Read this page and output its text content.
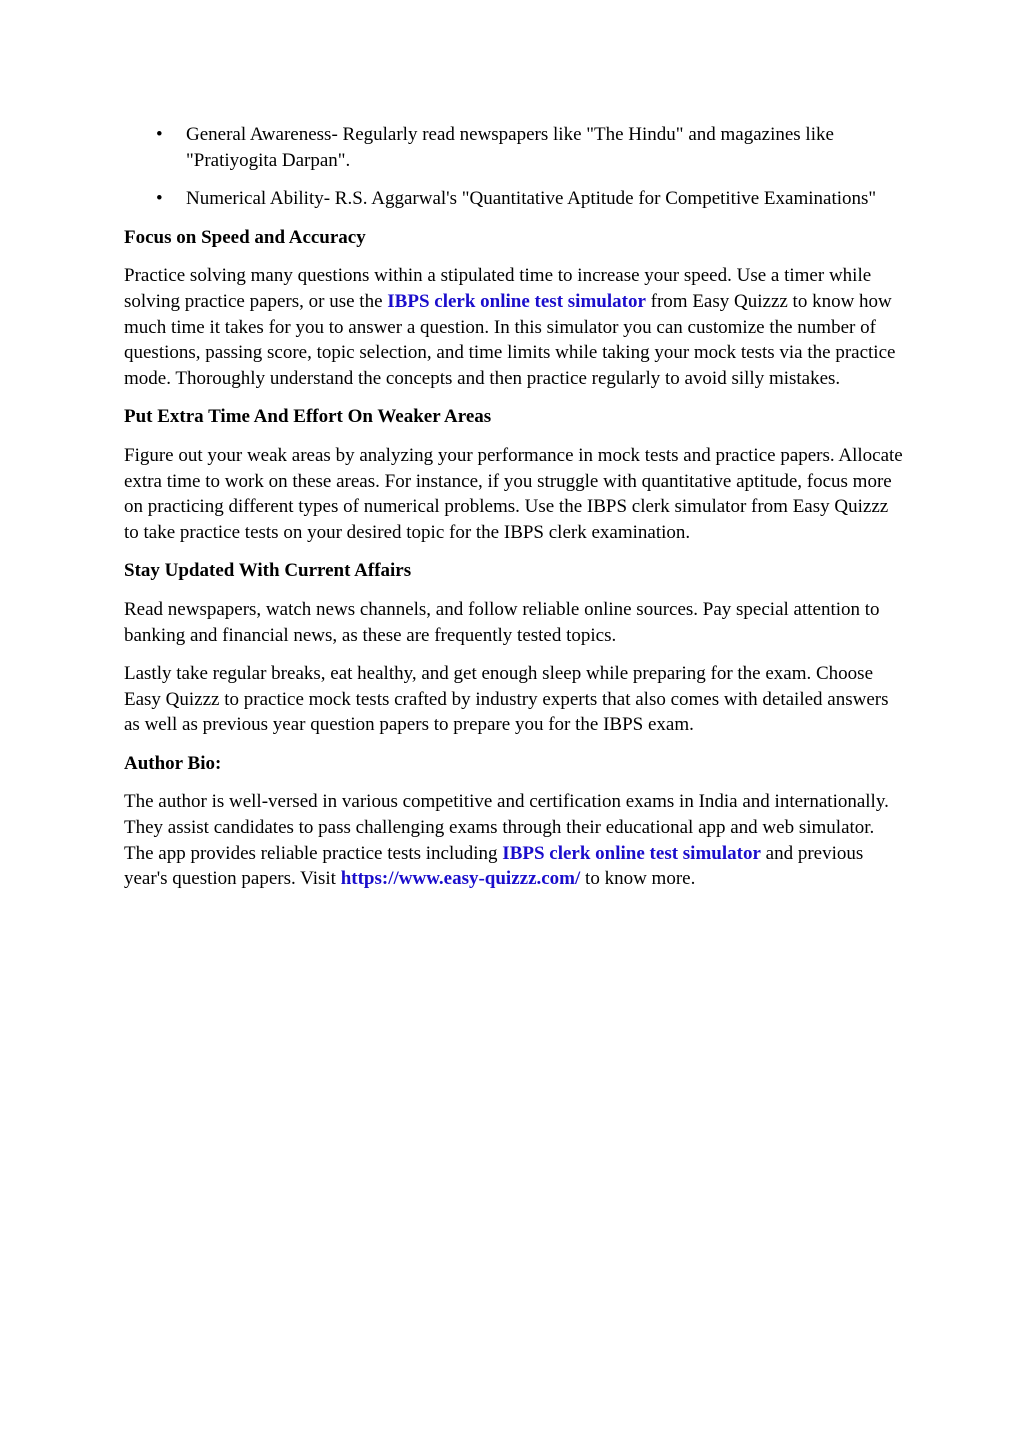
• General Awareness- Regularly read newspapers like "The Hindu" and magazines like "Pratiyogita Darpan".
• Numerical Ability- R.S. Aggarwal's "Quantitative Aptitude for Competitive Examinations"
Focus on Speed and Accuracy

Practice solving many questions within a stipulated time to increase your speed. Use a timer while solving practice papers, or use the IBPS clerk online test simulator from Easy Quizzz to know how much time it takes for you to answer a question. In this simulator you can customize the number of questions, passing score, topic selection, and time limits while taking your mock tests via the practice mode. Thoroughly understand the concepts and then practice regularly to avoid silly mistakes.

Put Extra Time And Effort On Weaker Areas

Figure out your weak areas by analyzing your performance in mock tests and practice papers. Allocate extra time to work on these areas. For instance, if you struggle with quantitative aptitude, focus more on practicing different types of numerical problems. Use the IBPS clerk simulator from Easy Quizzz to take practice tests on your desired topic for the IBPS clerk examination.

Stay Updated With Current Affairs

Read newspapers, watch news channels, and follow reliable online sources. Pay special attention to banking and financial news, as these are frequently tested topics.

Lastly take regular breaks, eat healthy, and get enough sleep while preparing for the exam. Choose Easy Quizzz to practice mock tests crafted by industry experts that also comes with detailed answers as well as previous year question papers to prepare you for the IBPS exam.

Author Bio:

The author is well-versed in various competitive and certification exams in India and internationally. They assist candidates to pass challenging exams through their educational app and web simulator. The app provides reliable practice tests including IBPS clerk online test simulator and previous year's question papers. Visit https://www.easy-quizzz.com/ to know more.
